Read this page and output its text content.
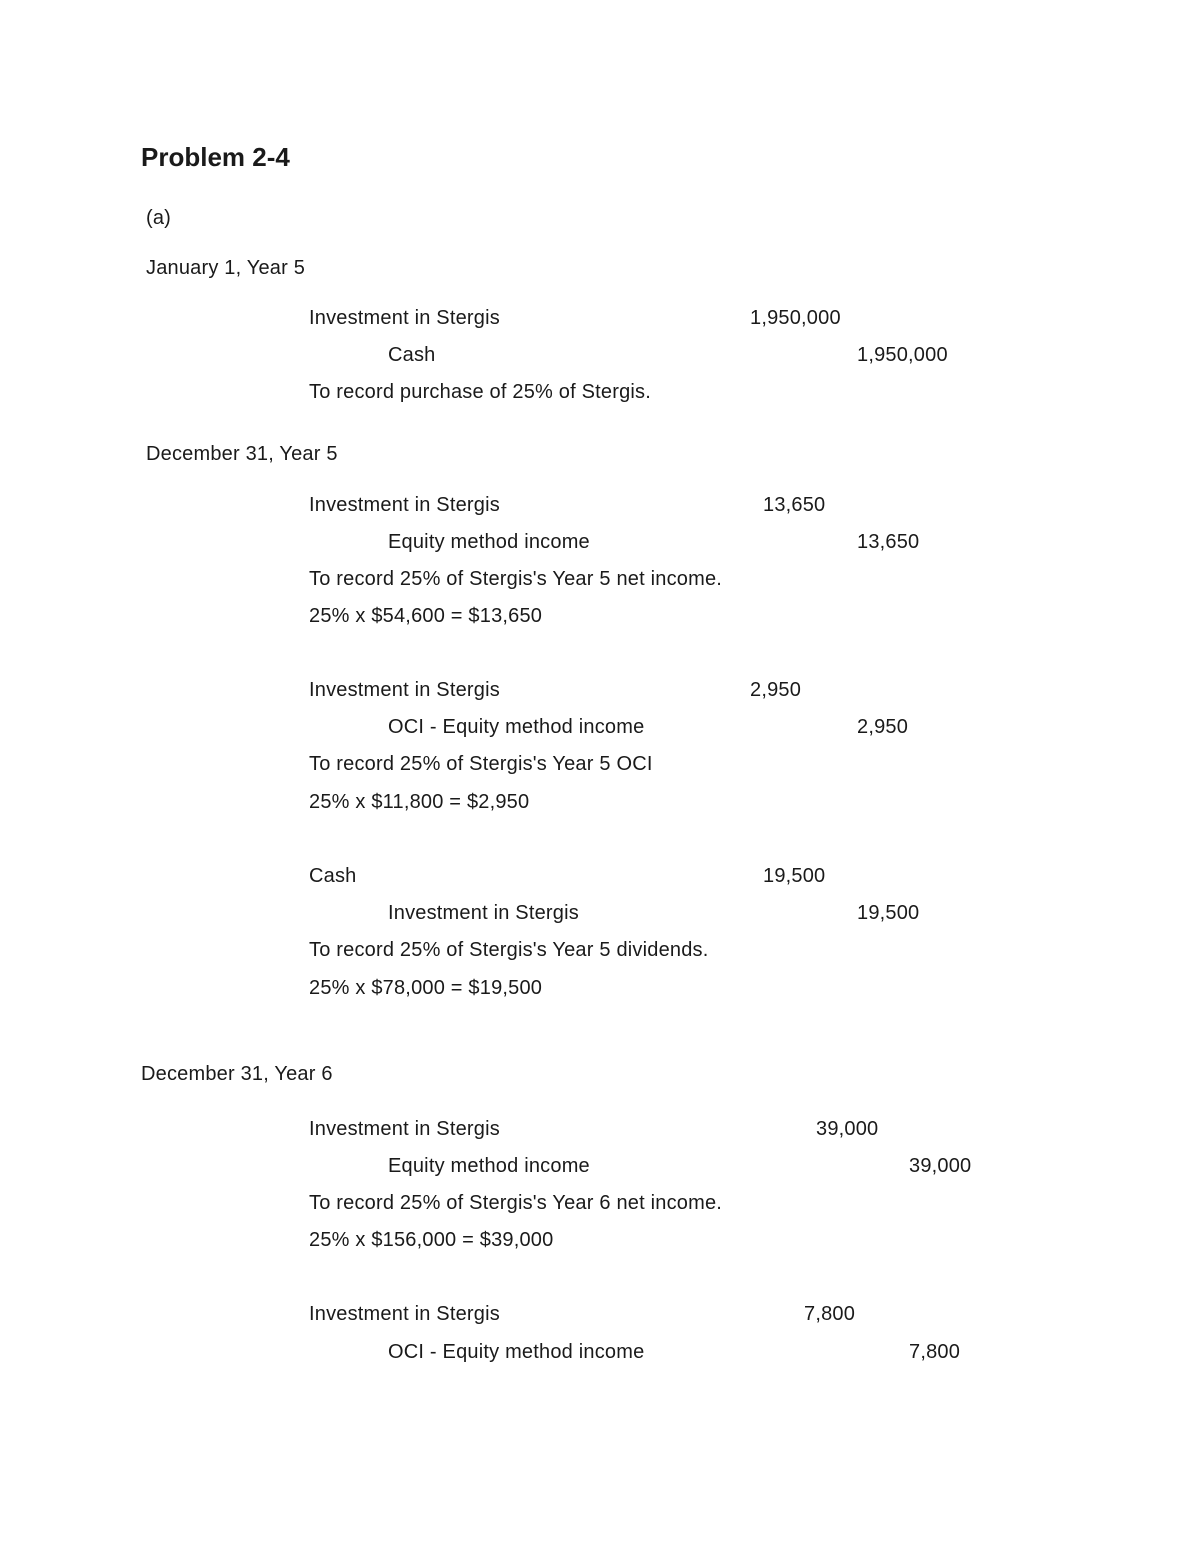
Problem 2-4
(a)
January 1, Year 5
Investment in Stergis	1,950,000
Cash	1,950,000
To record purchase of 25% of Stergis.
December 31, Year 5
Investment in Stergis	13,650
Equity method income	13,650
To record 25% of Stergis's Year 5 net income.
25% x $54,600 = $13,650
Investment in Stergis	2,950
OCI - Equity method income	2,950
To record 25% of Stergis's Year 5 OCI
25% x $11,800 = $2,950
Cash	19,500
Investment in Stergis	19,500
To record 25% of Stergis's Year 5 dividends.
25% x $78,000 = $19,500
December 31, Year 6
Investment in Stergis	39,000
Equity method income	39,000
To record 25% of Stergis's Year 6 net income.
25% x $156,000 = $39,000
Investment in Stergis	7,800
OCI - Equity method income	7,800
